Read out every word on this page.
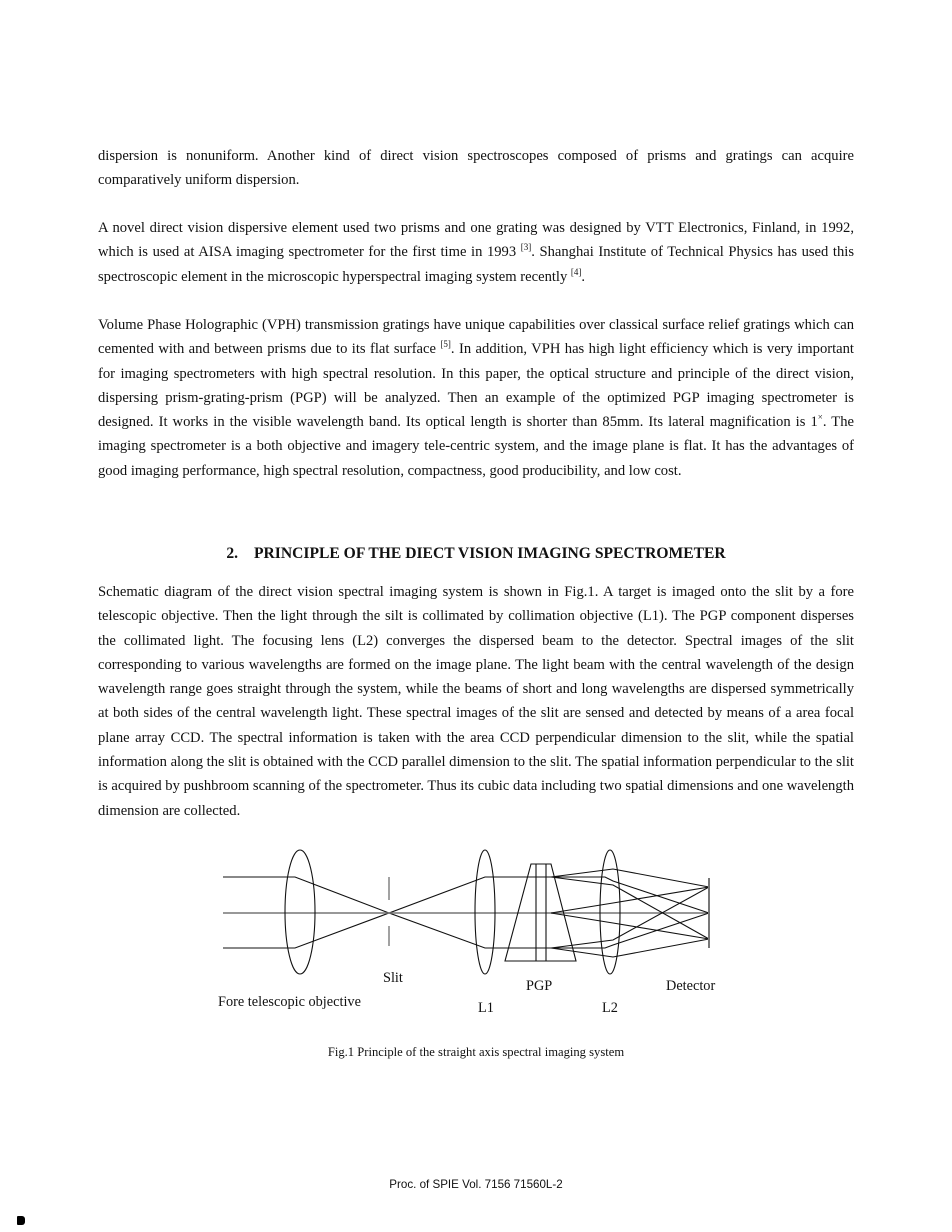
dispersion is nonuniform. Another kind of direct vision spectroscopes composed of prisms and gratings can acquire comparatively uniform dispersion.

A novel direct vision dispersive element used two prisms and one grating was designed by VTT Electronics, Finland, in 1992, which is used at AISA imaging spectrometer for the first time in 1993 [3]. Shanghai Institute of Technical Physics has used this spectroscopic element in the microscopic hyperspectral imaging system recently [4].

Volume Phase Holographic (VPH) transmission gratings have unique capabilities over classical surface relief gratings which can cemented with and between prisms due to its flat surface [5]. In addition, VPH has high light efficiency which is very important for imaging spectrometers with high spectral resolution. In this paper, the optical structure and principle of the direct vision, dispersing prism-grating-prism (PGP) will be analyzed. Then an example of the optimized PGP imaging spectrometer is designed. It works in the visible wavelength band. Its optical length is shorter than 85mm. Its lateral magnification is 1×. The imaging spectrometer is a both objective and imagery tele-centric system, and the image plane is flat. It has the advantages of good imaging performance, high spectral resolution, compactness, good producibility, and low cost.

2. PRINCIPLE OF THE DIECT VISION IMAGING SPECTROMETER

Schematic diagram of the direct vision spectral imaging system is shown in Fig.1. A target is imaged onto the slit by a fore telescopic objective. Then the light through the silt is collimated by collimation objective (L1). The PGP component disperses the collimated light. The focusing lens (L2) converges the dispersed beam to the detector. Spectral images of the slit corresponding to various wavelengths are formed on the image plane. The light beam with the central wavelength of the design wavelength range goes straight through the system, while the beams of short and long wavelengths are dispersed symmetrically at both sides of the central wavelength light. These spectral images of the slit are sensed and detected by means of a area focal plane array CCD. The spectral information is taken with the area CCD perpendicular dimension to the slit, while the spatial information along the slit is obtained with the CCD parallel dimension to the slit. The spatial information perpendicular to the slit is acquired by pushbroom scanning of the spectrometer. Thus its cubic data including two spatial dimensions and one wavelength dimension are collected.

Slit
Fore telescopic objective	L1
PGP
L2
Detector

Fig.1 Principle of the straight axis spectral imaging system

Proc. of SPIE Vol. 7156 71560L-2
